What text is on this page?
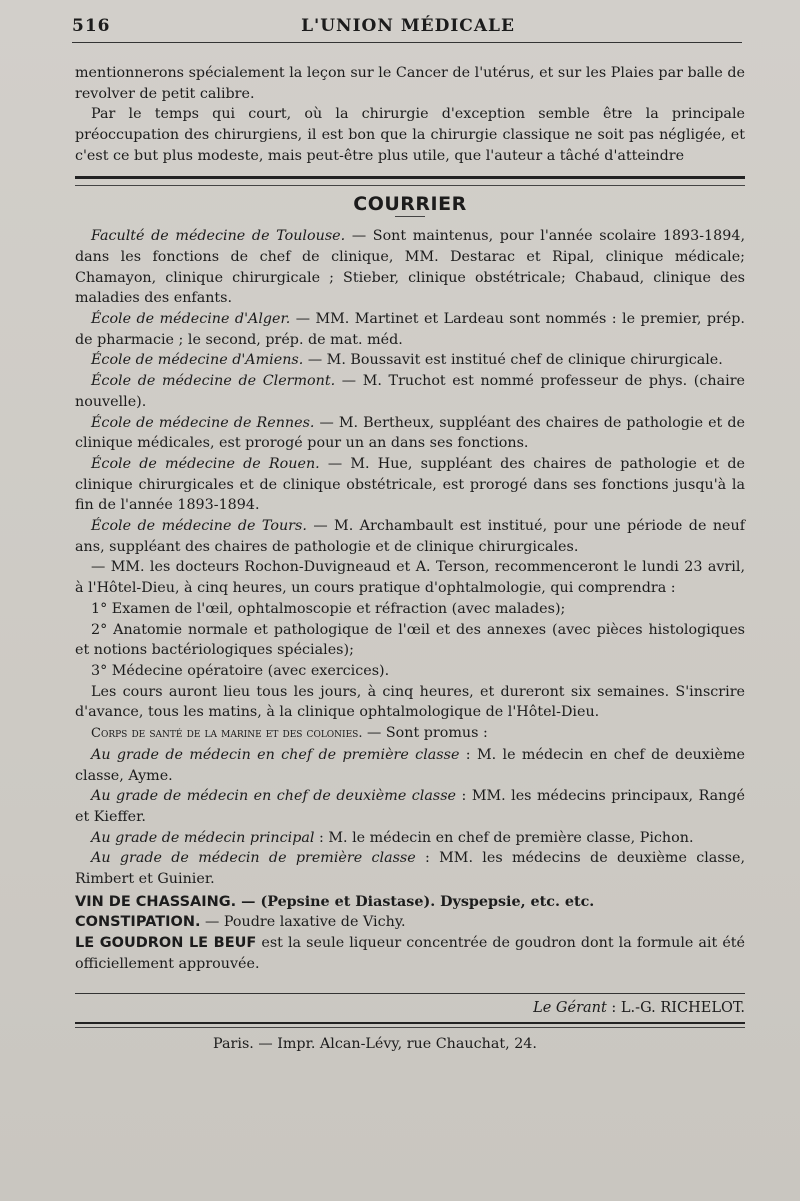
516	L'UNION MÉDICALE

mentionnerons spécialement la leçon sur le Cancer de l'utérus, et sur les Plaies par balle de revolver de petit calibre.

Par le temps qui court, où la chirurgie d'exception semble être la principale préoccupation des chirurgiens, il est bon que la chirurgie classique ne soit pas négligée, et c'est ce but plus modeste, mais peut-être plus utile, que l'auteur a tâché d'atteindre

COURRIER

Faculté de médecine de Toulouse. — Sont maintenus, pour l'année scolaire 1893-1894, dans les fonctions de chef de clinique, MM. Destarac et Ripal, clinique médicale; Chamayon, clinique chirurgicale ; Stieber, clinique obstétricale; Chabaud, clinique des maladies des enfants.

École de médecine d'Alger. — MM. Martinet et Lardeau sont nommés : le premier, prép. de pharmacie ; le second, prép. de mat. méd.

École de médecine d'Amiens. — M. Boussavit est institué chef de clinique chirurgicale.

École de médecine de Clermont. — M. Truchot est nommé professeur de phys. (chaire nouvelle).

École de médecine de Rennes. — M. Bertheux, suppléant des chaires de pathologie et de clinique médicales, est prorogé pour un an dans ses fonctions.

École de médecine de Rouen. — M. Hue, suppléant des chaires de pathologie et de clinique chirurgicales et de clinique obstétricale, est prorogé dans ses fonctions jusqu'à la fin de l'année 1893-1894.

École de médecine de Tours. — M. Archambault est institué, pour une période de neuf ans, suppléant des chaires de pathologie et de clinique chirurgicales.

— MM. les docteurs Rochon-Duvigneaud et A. Terson, recommenceront le lundi 23 avril, à l'Hôtel-Dieu, à cinq heures, un cours pratique d'ophtalmologie, qui comprendra :

1° Examen de l'œil, ophtalmoscopie et réfraction (avec malades);

2° Anatomie normale et pathologique de l'œil et des annexes (avec pièces histologiques et notions bactériologiques spéciales);

3° Médecine opératoire (avec exercices).

Les cours auront lieu tous les jours, à cinq heures, et dureront six semaines. S'inscrire d'avance, tous les matins, à la clinique ophtalmologique de l'Hôtel-Dieu.

Corps de santé de la marine et des colonies. — Sont promus :

Au grade de médecin en chef de première classe : M. le médecin en chef de deuxième classe, Ayme.

Au grade de médecin en chef de deuxième classe : MM. les médecins principaux, Rangé et Kieffer.

Au grade de médecin principal : M. le médecin en chef de première classe, Pichon.

Au grade de médecin de première classe : MM. les médecins de deuxième classe, Rimbert et Guinier.

VIN DE CHASSAING. — (Pepsine et Diastase). Dyspepsie, etc. etc.

CONSTIPATION. — Poudre laxative de Vichy.

LE GOUDRON LE BEUF est la seule liqueur concentrée de goudron dont la formule ait été officiellement approuvée.

Le Gérant : L.-G. RICHELOT.
Paris. — Impr. Alcan-Lévy, rue Chauchat, 24.
